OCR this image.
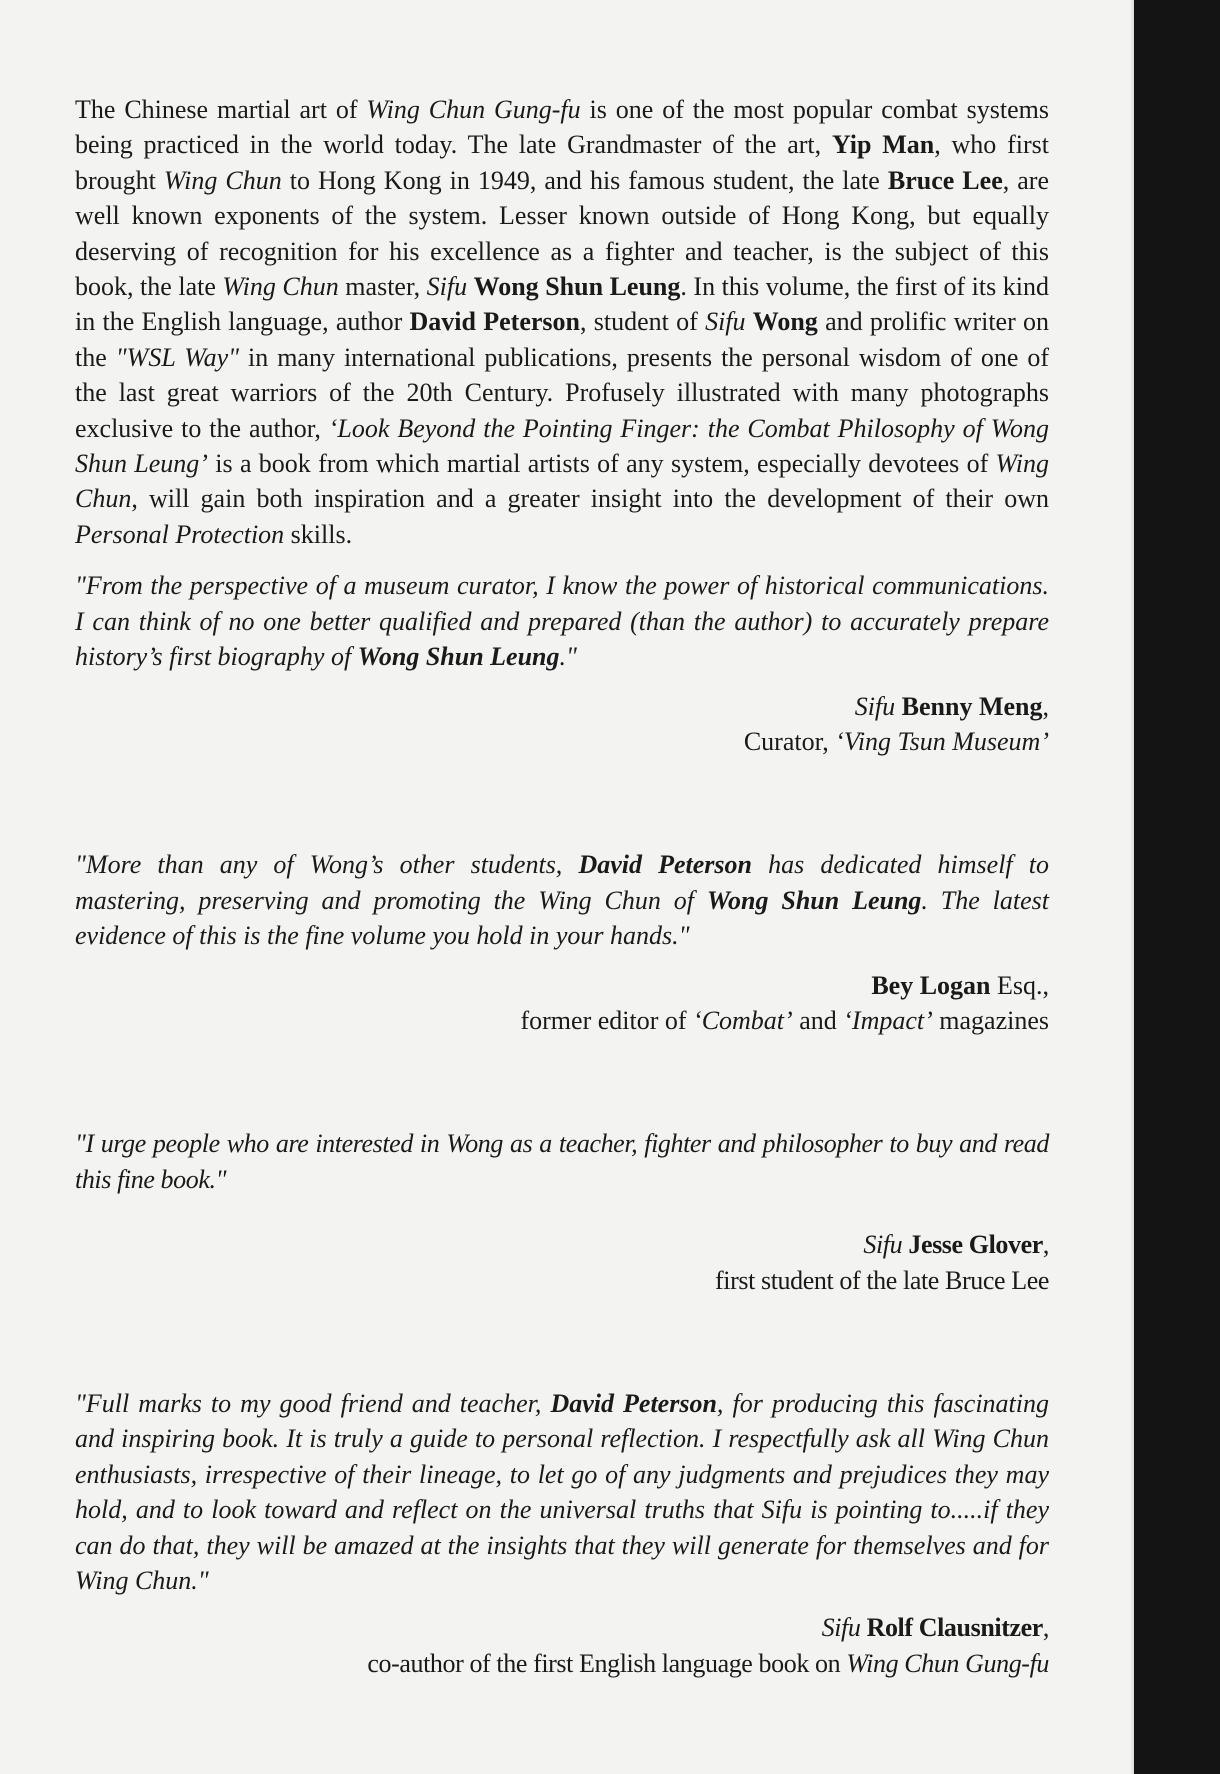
The Chinese martial art of Wing Chun Gung-fu is one of the most popular combat systems being practiced in the world today. The late Grandmaster of the art, Yip Man, who first brought Wing Chun to Hong Kong in 1949, and his famous student, the late Bruce Lee, are well known exponents of the system. Lesser known outside of Hong Kong, but equally deserving of recognition for his excellence as a fighter and teacher, is the subject of this book, the late Wing Chun master, Sifu Wong Shun Leung. In this volume, the first of its kind in the English language, author David Peterson, student of Sifu Wong and prolific writer on the "WSL Way" in many international publications, presents the personal wisdom of one of the last great warriors of the 20th Century. Profusely illustrated with many photographs exclusive to the author, ‘Look Beyond the Pointing Finger: the Combat Philosophy of Wong Shun Leung’ is a book from which martial artists of any system, especially devotees of Wing Chun, will gain both inspiration and a greater insight into the development of their own Personal Protection skills.

"From the perspective of a museum curator, I know the power of historical communications. I can think of no one better qualified and prepared (than the author) to accurately prepare history’s first biography of Wong Shun Leung."

Sifu Benny Meng,
Curator, ‘Ving Tsun Museum’

"More than any of Wong’s other students, David Peterson has dedicated himself to mastering, preserving and promoting the Wing Chun of Wong Shun Leung. The latest evidence of this is the fine volume you hold in your hands."

Bey Logan Esq.,
former editor of ‘Combat’ and ‘Impact’ magazines

"I urge people who are interested in Wong as a teacher, fighter and philosopher to buy and read this fine book."

Sifu Jesse Glover,
first student of the late Bruce Lee

"Full marks to my good friend and teacher, David Peterson, for producing this fascinating and inspiring book. It is truly a guide to personal reflection. I respectfully ask all Wing Chun enthusiasts, irrespective of their lineage, to let go of any judgments and prejudices they may hold, and to look toward and reflect on the universal truths that Sifu is pointing to.....if they can do that, they will be amazed at the insights that they will generate for themselves and for Wing Chun."

Sifu Rolf Clausnitzer,
co-author of the first English language book on Wing Chun Gung-fu
